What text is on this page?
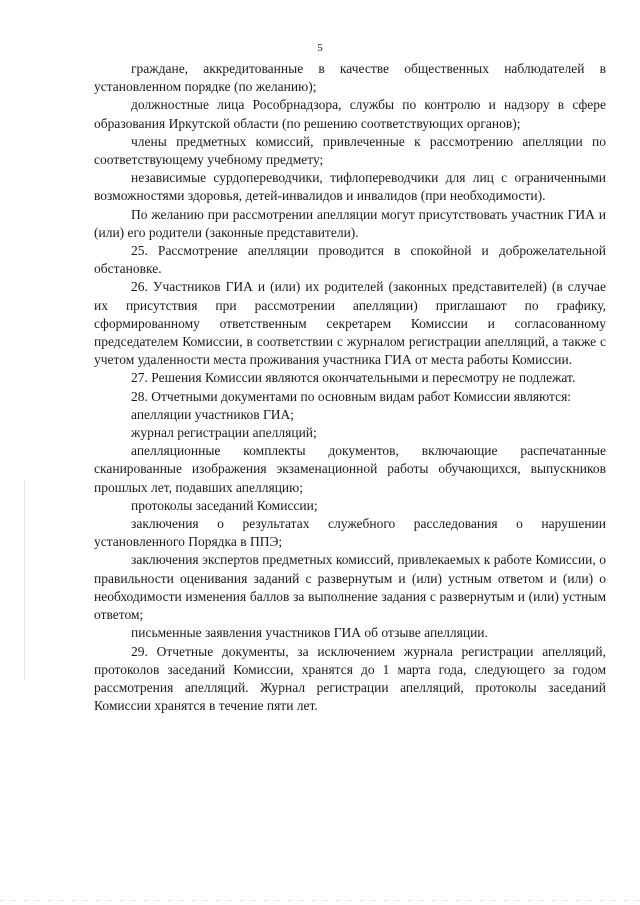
5

граждане, аккредитованные в качестве общественных наблюдателей в установленном порядке (по желанию);

должностные лица Рособрнадзора, службы по контролю и надзору в сфере образования Иркутской области (по решению соответствующих органов);

члены предметных комиссий, привлеченные к рассмотрению апелляции по соответствующему учебному предмету;

независимые сурдопереводчики, тифлопереводчики для лиц с ограниченными возможностями здоровья, детей-инвалидов и инвалидов (при необходимости).

По желанию при рассмотрении апелляции могут присутствовать участник ГИА и (или) его родители (законные представители).

25. Рассмотрение апелляции проводится в спокойной и доброжелательной обстановке.

26. Участников ГИА и (или) их родителей (законных представителей) (в случае их присутствия при рассмотрении апелляции) приглашают по графику, сформированному ответственным секретарем Комиссии и согласованному председателем Комиссии, в соответствии с журналом регистрации апелляций, а также с учетом удаленности места проживания участника ГИА от места работы Комиссии.

27. Решения Комиссии являются окончательными и пересмотру не подлежат.

28. Отчетными документами по основным видам работ Комиссии являются:

апелляции участников ГИА;

журнал регистрации апелляций;

апелляционные комплекты документов, включающие распечатанные сканированные изображения экзаменационной работы обучающихся, выпускников прошлых лет, подавших апелляцию;

протоколы заседаний Комиссии;

заключения о результатах служебного расследования о нарушении установленного Порядка в ППЭ;

заключения экспертов предметных комиссий, привлекаемых к работе Комиссии, о правильности оценивания заданий с развернутым и (или) устным ответом и (или) о необходимости изменения баллов за выполнение задания с развернутым и (или) устным ответом;

письменные заявления участников ГИА об отзыве апелляции.

29. Отчетные документы, за исключением журнала регистрации апелляций, протоколов заседаний Комиссии, хранятся до 1 марта года, следующего за годом рассмотрения апелляций. Журнал регистрации апелляций, протоколы заседаний Комиссии хранятся в течение пяти лет.
